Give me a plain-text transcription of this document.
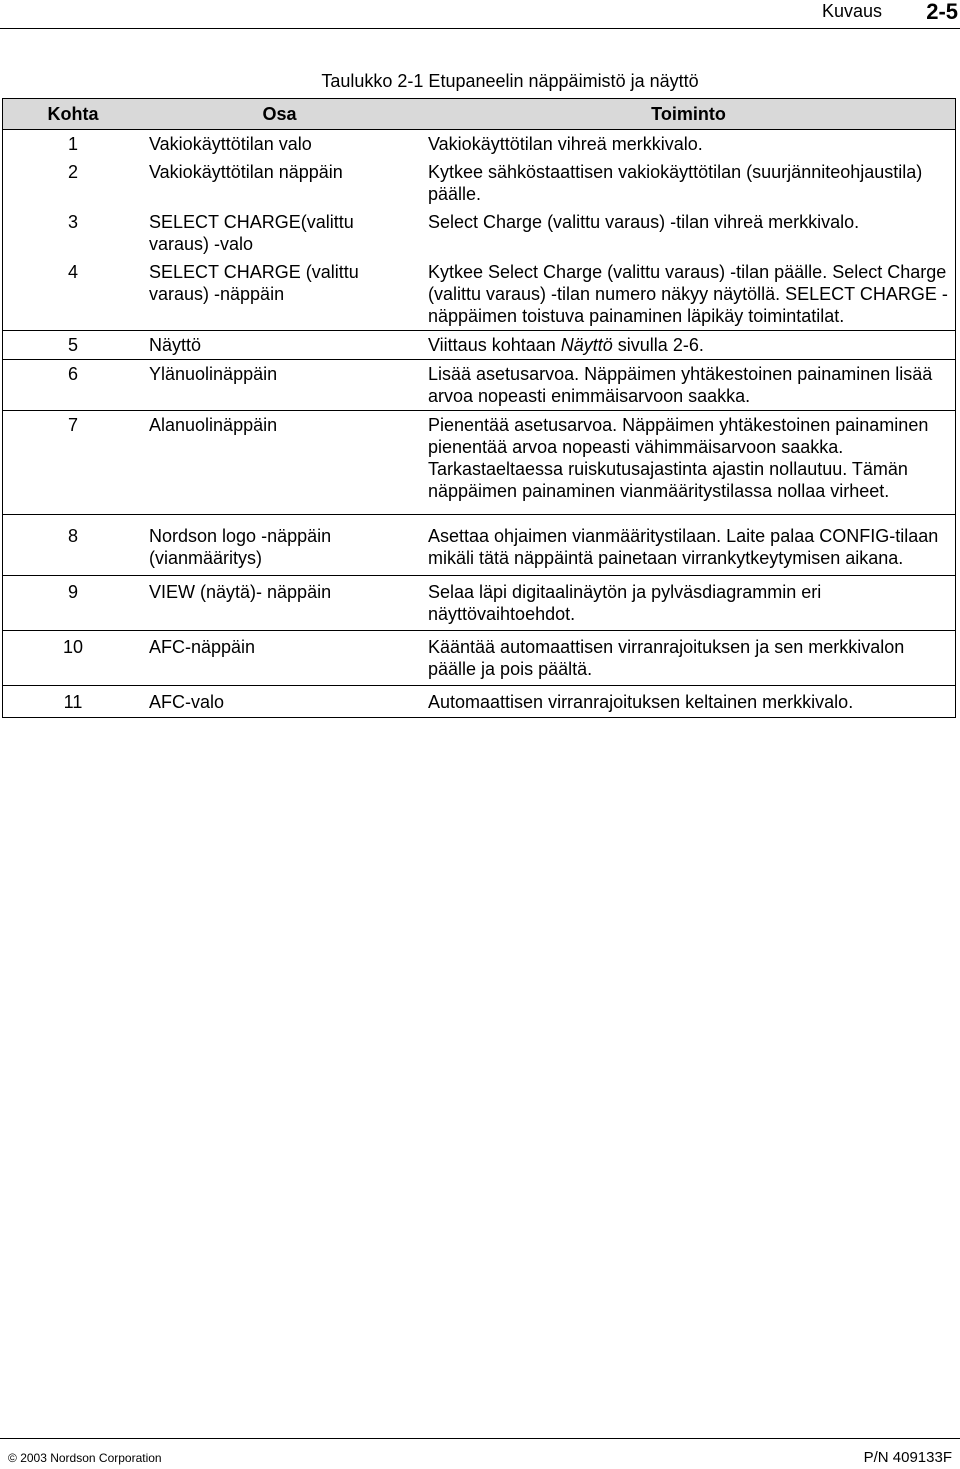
Kuvaus 2-5
Taulukko 2-1 Etupaneelin näppäimistö ja näyttö
Kohta	Osa	Toiminto
1	Vakiokäyttötilan valo	Vakiokäyttötilan vihreä merkkivalo.
2	Vakiokäyttötilan näppäin	Kytkee sähköstaattisen vakiokäyttötilan (suurjänniteohjaustila) päälle.
3	SELECT CHARGE(valittu varaus) -valo	Select Charge (valittu varaus) -tilan vihreä merkkivalo.
4	SELECT CHARGE (valittu varaus) -näppäin	Kytkee Select Charge (valittu varaus) -tilan päälle. Select Charge (valittu varaus) -tilan numero näkyy näytöllä. SELECT CHARGE -näppäimen toistuva painaminen läpikäy toimintatilat.
5	Näyttö	Viittaus kohtaan Näyttö sivulla 2-6.
6	Ylänuolinäppäin	Lisää asetusarvoa. Näppäimen yhtäkestoinen painaminen lisää arvoa nopeasti enimmäisarvoon saakka.
7	Alanuolinäppäin	Pienentää asetusarvoa. Näppäimen yhtäkestoinen painaminen pienentää arvoa nopeasti vähimmäisarvoon saakka. Tarkastaeltaessa ruiskutusajastinta ajastin nollautuu. Tämän näppäimen painaminen vianmääritystilassa nollaa virheet.
8	Nordson logo -näppäin (vianmääritys)	Asettaa ohjaimen vianmääritystilaan. Laite palaa CONFIG-tilaan mikäli tätä näppäintä painetaan virrankytkeytymisen aikana.
9	VIEW (näytä)- näppäin	Selaa läpi digitaalinäytön ja pylväsdiagrammin eri näyttövaihtoehdot.
10	AFC-näppäin	Kääntää automaattisen virranrajoituksen ja sen merkkivalon päälle ja pois päältä.
11	AFC-valo	Automaattisen virranrajoituksen keltainen merkkivalo.
© 2003 Nordson Corporation	P/N 409133F
